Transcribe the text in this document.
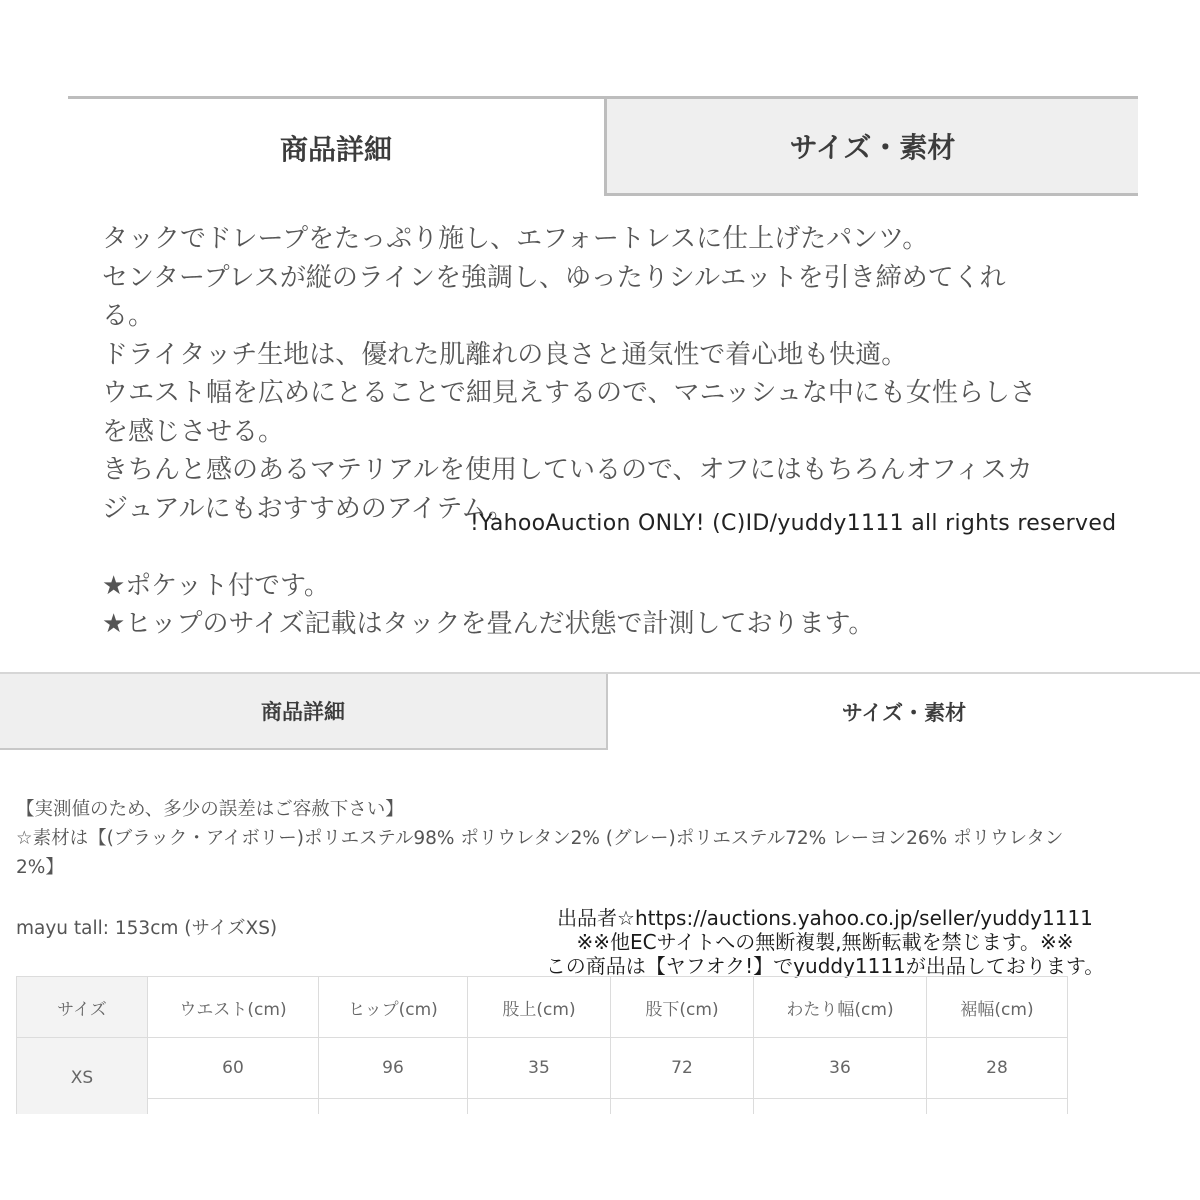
商品詳細	サイズ・素材

タックでドレープをたっぷり施し、エフォートレスに仕上げたパンツ。

センタープレスが縦のラインを強調し、ゆったりシルエットを引き締めてくれ

る。

ドライタッチ生地は、優れた肌離れの良さと通気性で着心地も快適。

ウエスト幅を広めにとることで細見えするので、マニッシュな中にも女性らしさ

を感じさせる。

きちんと感のあるマテリアルを使用しているので、オフにはもちろんオフィスカ

ジュアルにもおすすめのアイテム。

★ポケット付です。

★ヒップのサイズ記載はタックを畳んだ状態で計測しております。

!YahooAuction ONLY! (C)ID/yuddy1111 all rights reserved
商品詳細	サイズ・素材

【実測値のため、多少の誤差はご容赦下さい】

☆素材は【(ブラック・アイボリー)ポリエステル98% ポリウレタン2% (グレー)ポリエステル72% レーヨン26% ポリウレタン

2%】

mayu tall: 153cm (サイズXS)	出品者☆https://auctions.yahoo.co.jp/seller/yuddy1111
※※他ECサイトへの無断複製,無断転載を禁じます。※※
この商品は【ヤフオク!】でyuddy1111が出品しております。
サイズ	ウエスト(cm)	ヒップ(cm)	股上(cm)	股下(cm)	わたり幅(cm)	裾幅(cm)
XS	60	96	35	72	36	28
